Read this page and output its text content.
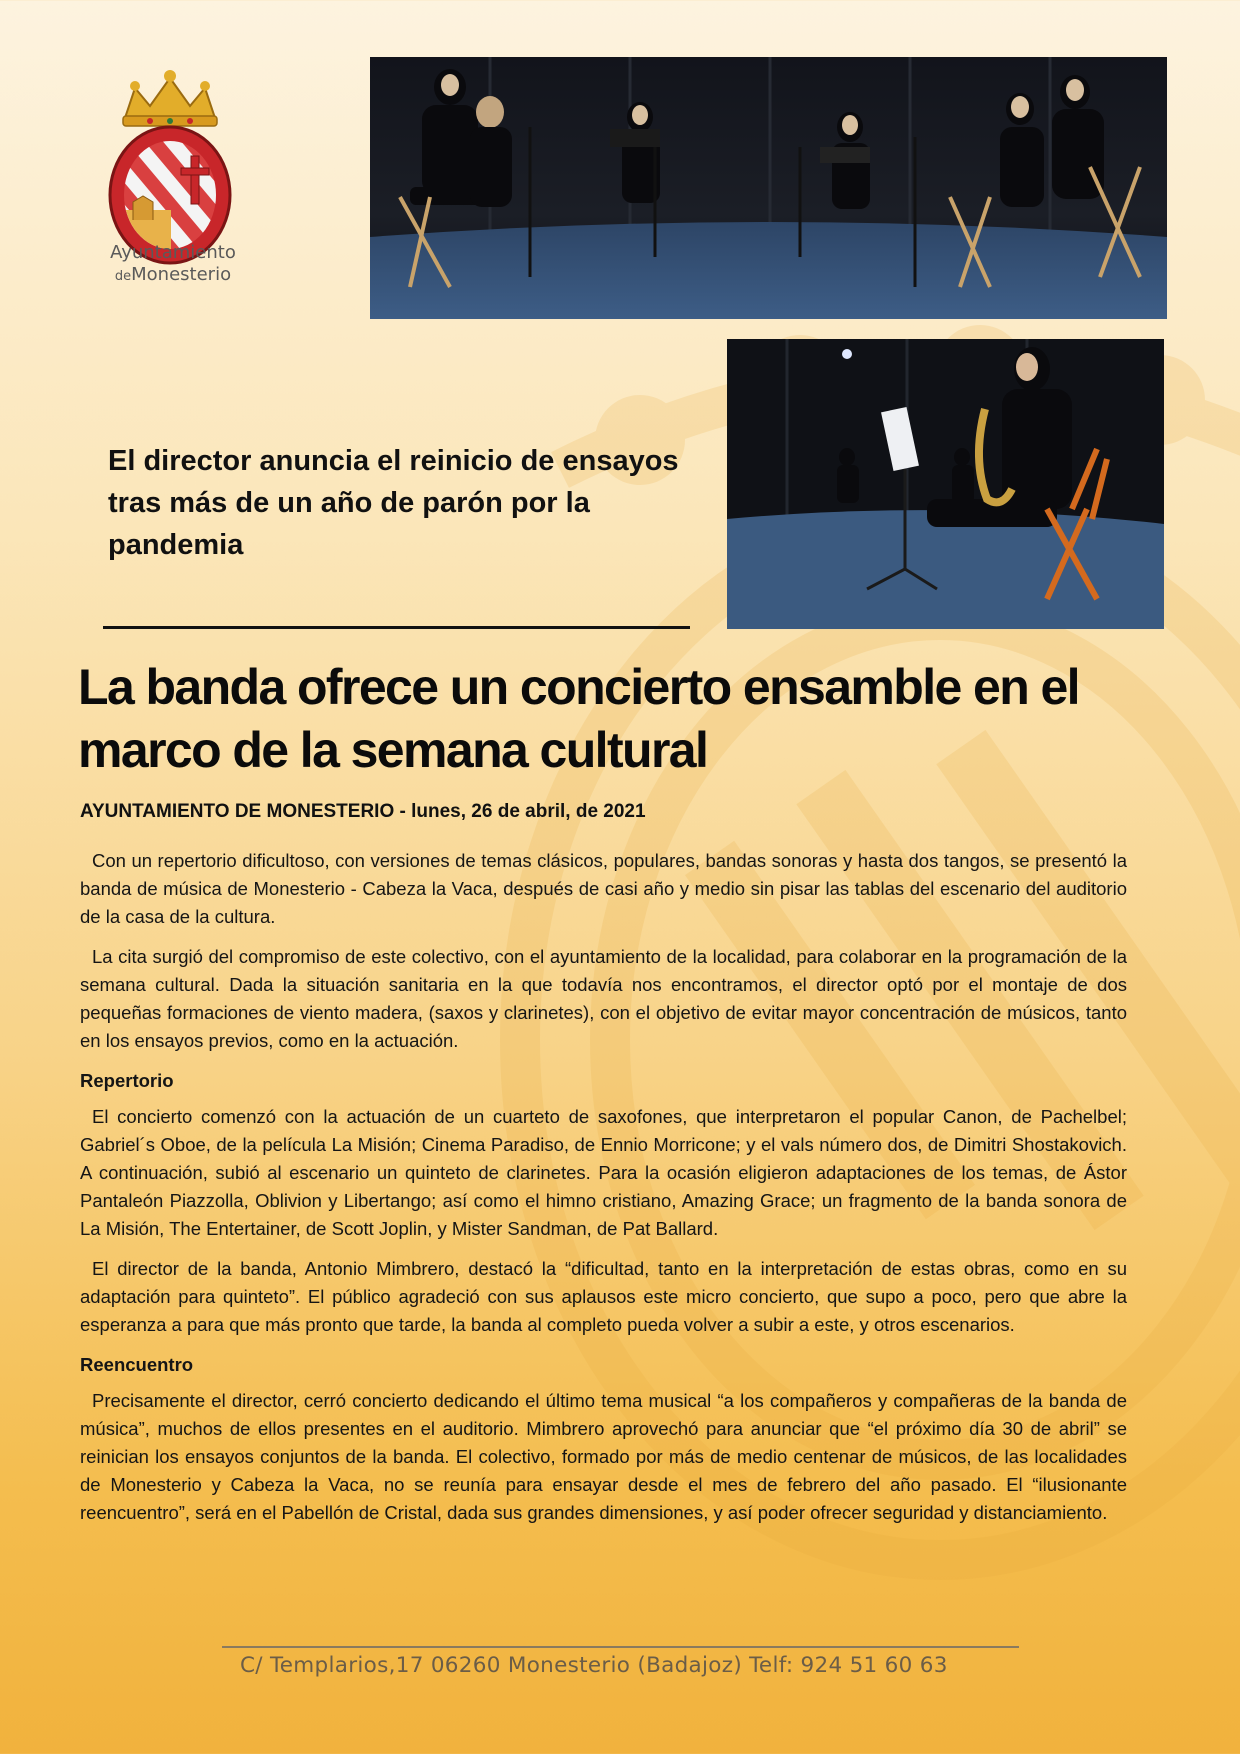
Ayuntamiento
deMonesterio
El director anuncia el reinicio de ensayos tras más de un año de parón por la pandemia
La banda ofrece un concierto ensamble en el marco de la semana cultural
AYUNTAMIENTO DE MONESTERIO - lunes, 26 de abril, de 2021

Con un repertorio dificultoso, con versiones de temas clásicos, populares, bandas sonoras y hasta dos tangos, se presentó la banda de música de Monesterio - Cabeza la Vaca, después de casi año y medio sin pisar las tablas del escenario del auditorio de la casa de la cultura.

La cita surgió del compromiso de este colectivo, con el ayuntamiento de la localidad, para colaborar en la programación de la semana cultural. Dada la situación sanitaria en la que todavía nos encontramos, el director optó por el montaje de dos pequeñas formaciones de viento madera, (saxos y clarinetes), con el objetivo de evitar mayor concentración de músicos, tanto en los ensayos previos, como en la actuación.

Repertorio

El concierto comenzó con la actuación de un cuarteto de saxofones, que interpretaron el popular Canon, de Pachelbel; Gabriel´s Oboe, de la película La Misión; Cinema Paradiso, de Ennio Morricone; y el vals número dos, de Dimitri Shostakovich. A continuación, subió al escenario un quinteto de clarinetes. Para la ocasión eligieron adaptaciones de los temas, de Ástor Pantaleón Piazzolla, Oblivion y Libertango; así como el himno cristiano, Amazing Grace; un fragmento de la banda sonora de La Misión, The Entertainer, de Scott Joplin, y Mister Sandman, de Pat Ballard.

El director de la banda, Antonio Mimbrero, destacó la “dificultad, tanto en la interpretación de estas obras, como en su adaptación para quinteto”. El público agradeció con sus aplausos este micro concierto, que supo a poco, pero que abre la esperanza a para que más pronto que tarde, la banda al completo pueda volver a subir a este, y otros escenarios.

Reencuentro

Precisamente el director, cerró concierto dedicando el último tema musical “a los compañeros y compañeras de la banda de música”, muchos de ellos presentes en el auditorio. Mimbrero aprovechó para anunciar que “el próximo día 30 de abril” se reinician los ensayos conjuntos de la banda. El colectivo, formado por más de medio centenar de músicos, de las localidades de Monesterio y Cabeza la Vaca, no se reunía para ensayar desde el mes de febrero del año pasado. El “ilusionante reencuentro”, será en el Pabellón de Cristal, dada sus grandes dimensiones, y así poder ofrecer seguridad y distanciamiento.

C/ Templarios,17 06260 Monesterio (Badajoz) Telf: 924 51 60 63
